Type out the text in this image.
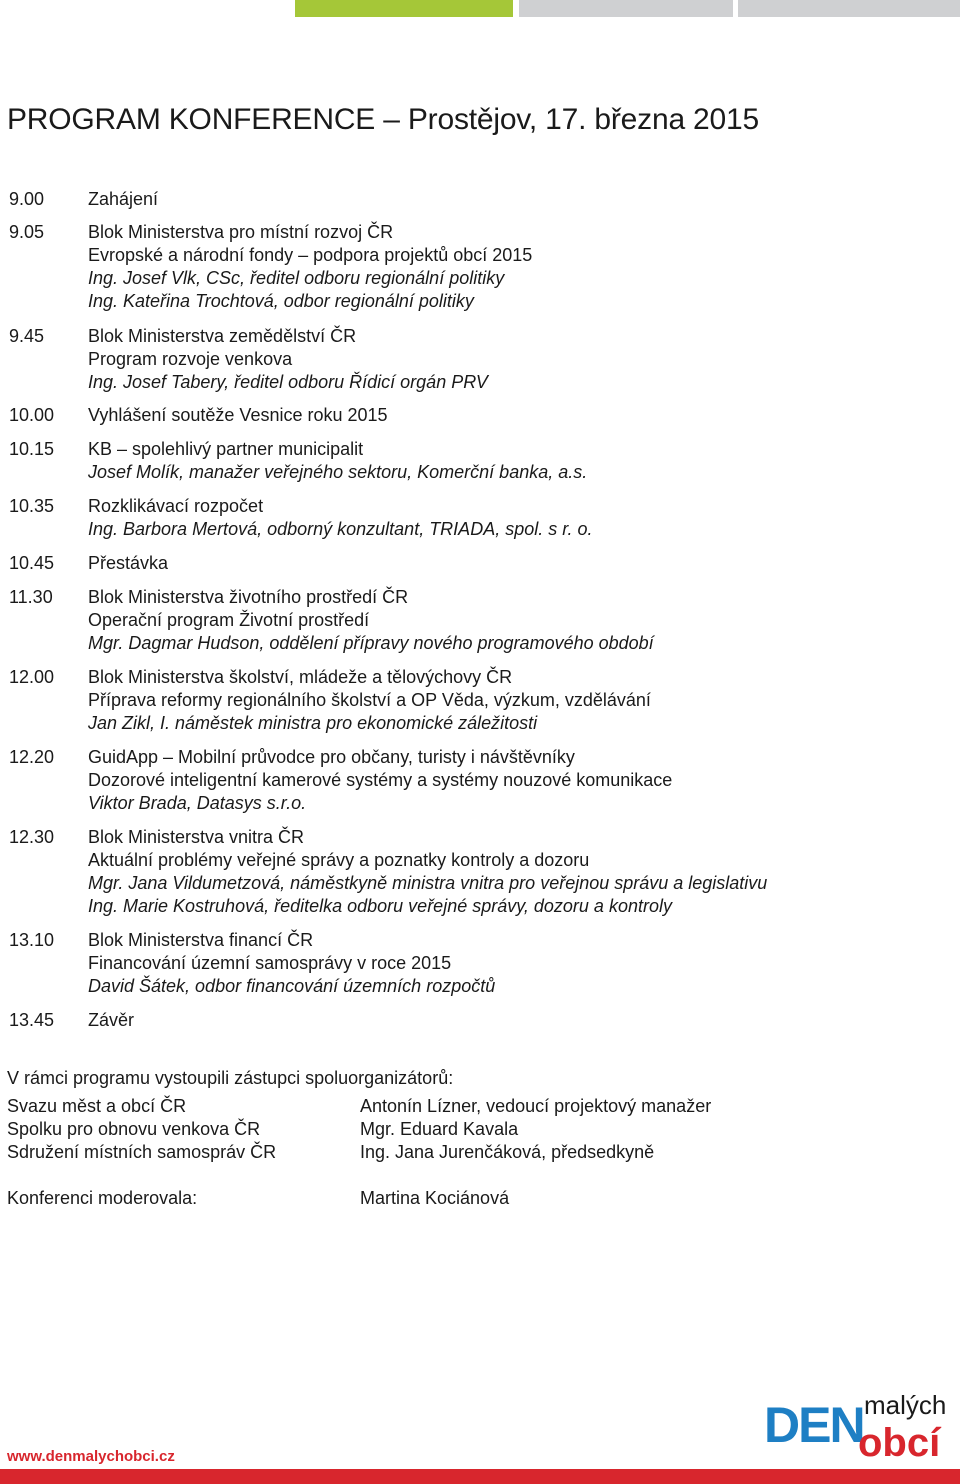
PROGRAM KONFERENCE – Prostějov, 17. března 2015
9.00	Zahájení
9.05	Blok Ministerstva pro místní rozvoj ČR
Evropské a národní fondy – podpora projektů obcí 2015
Ing. Josef Vlk, CSc, ředitel odboru regionální politiky
Ing. Kateřina Trochtová, odbor regionální politiky
9.45	Blok Ministerstva zemědělství ČR
Program rozvoje venkova
Ing. Josef Tabery, ředitel odboru Řídicí orgán PRV
10.00	Vyhlášení soutěže Vesnice roku 2015
10.15	KB – spolehlivý partner municipalit
Josef Molík, manažer veřejného sektoru, Komerční banka, a.s.
10.35	Rozklikávací rozpočet
Ing. Barbora Mertová, odborný konzultant, TRIADA, spol. s r. o.
10.45	Přestávka
11.30	Blok Ministerstva životního prostředí ČR
Operační program Životní prostředí
Mgr. Dagmar Hudson, oddělení přípravy nového programového období
12.00	Blok Ministerstva školství, mládeže a tělovýchovy ČR
Příprava reformy regionálního školství a OP Věda, výzkum, vzdělávání
Jan Zikl, I. náměstek ministra pro ekonomické záležitosti
12.20	GuidApp – Mobilní průvodce pro občany, turisty i návštěvníky
Dozorové inteligentní kamerové systémy a systémy nouzové komunikace
Viktor Brada, Datasys s.r.o.
12.30	Blok Ministerstva vnitra ČR
Aktuální problémy veřejné správy a poznatky kontroly a dozoru
Mgr. Jana Vildumetzová, náměstkyně ministra vnitra pro veřejnou správu a legislativu
Ing. Marie Kostruhová, ředitelka odboru veřejné správy, dozoru a kontroly
13.10	Blok Ministerstva financí ČR
Financování územní samosprávy v roce 2015
David Šátek, odbor financování územních rozpočtů
13.45	Závěr
V rámci programu vystoupili zástupci spoluorganizátorů:
Svazu měst a obcí ČR	Antonín Lízner, vedoucí projektový manažer
Spolku pro obnovu venkova ČR	Mgr. Eduard Kavala
Sdružení místních samospráv ČR	Ing. Jana Jurenčáková, předsedkyně
Konferenci moderovala:	Martina Kociánová
www.denmalychobci.cz
DEN malých
obcí
